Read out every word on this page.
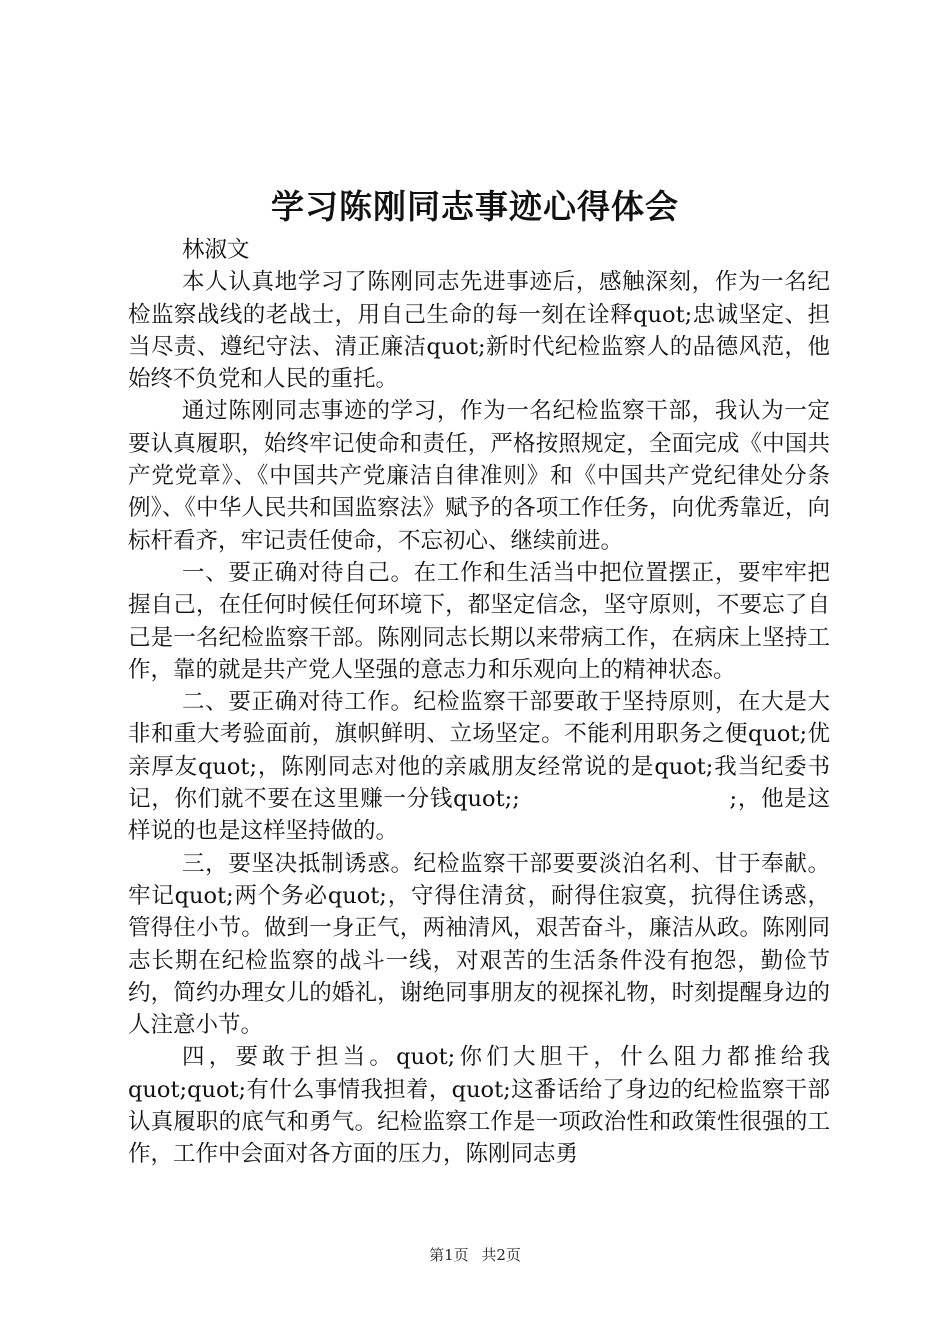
学习陈刚同志事迹心得体会

林淑文

本人认真地学习了陈刚同志先进事迹后，感触深刻，作为一名纪检监察战线的老战士，用自己生命的每一刻在诠释quot;忠诚坚定、担当尽责、遵纪守法、清正廉洁quot;新时代纪检监察人的品德风范，他始终不负党和人民的重托。

通过陈刚同志事迹的学习，作为一名纪检监察干部，我认为一定要认真履职，始终牢记使命和责任，严格按照规定，全面完成《中国共产党党章》、《中国共产党廉洁自律准则》和《中国共产党纪律处分条例》、《中华人民共和国监察法》赋予的各项工作任务，向优秀靠近，向标杆看齐，牢记责任使命，不忘初心、继续前进。

一、要正确对待自己。在工作和生活当中把位置摆正，要牢牢把握自己，在任何时候任何环境下，都坚定信念，坚守原则，不要忘了自己是一名纪检监察干部。陈刚同志长期以来带病工作，在病床上坚持工作，靠的就是共产党人坚强的意志力和乐观向上的精神状态。

二、要正确对待工作。纪检监察干部要敢于坚持原则，在大是大非和重大考验面前，旗帜鲜明、立场坚定。不能利用职务之便quot;优亲厚友quot;，陈刚同志对他的亲戚朋友经常说的是quot;我当纪委书记，你们就不要在这里赚一分钱quot;;　　　　　　　　　;，他是这样说的也是这样坚持做的。

三，要坚决抵制诱惑。纪检监察干部要要淡泊名利、甘于奉献。牢记quot;两个务必quot;，守得住清贫，耐得住寂寞，抗得住诱惑，管得住小节。做到一身正气，两袖清风，艰苦奋斗，廉洁从政。陈刚同志长期在纪检监察的战斗一线，对艰苦的生活条件没有抱怨，勤俭节约，简约办理女儿的婚礼，谢绝同事朋友的视探礼物，时刻提醒身边的人注意小节。

四，要敢于担当。quot;你们大胆干，什么阻力都推给我quot;quot;有什么事情我担着，quot;这番话给了身边的纪检监察干部认真履职的底气和勇气。纪检监察工作是一项政治性和政策性很强的工作，工作中会面对各方面的压力，陈刚同志勇

第1页 共2页
